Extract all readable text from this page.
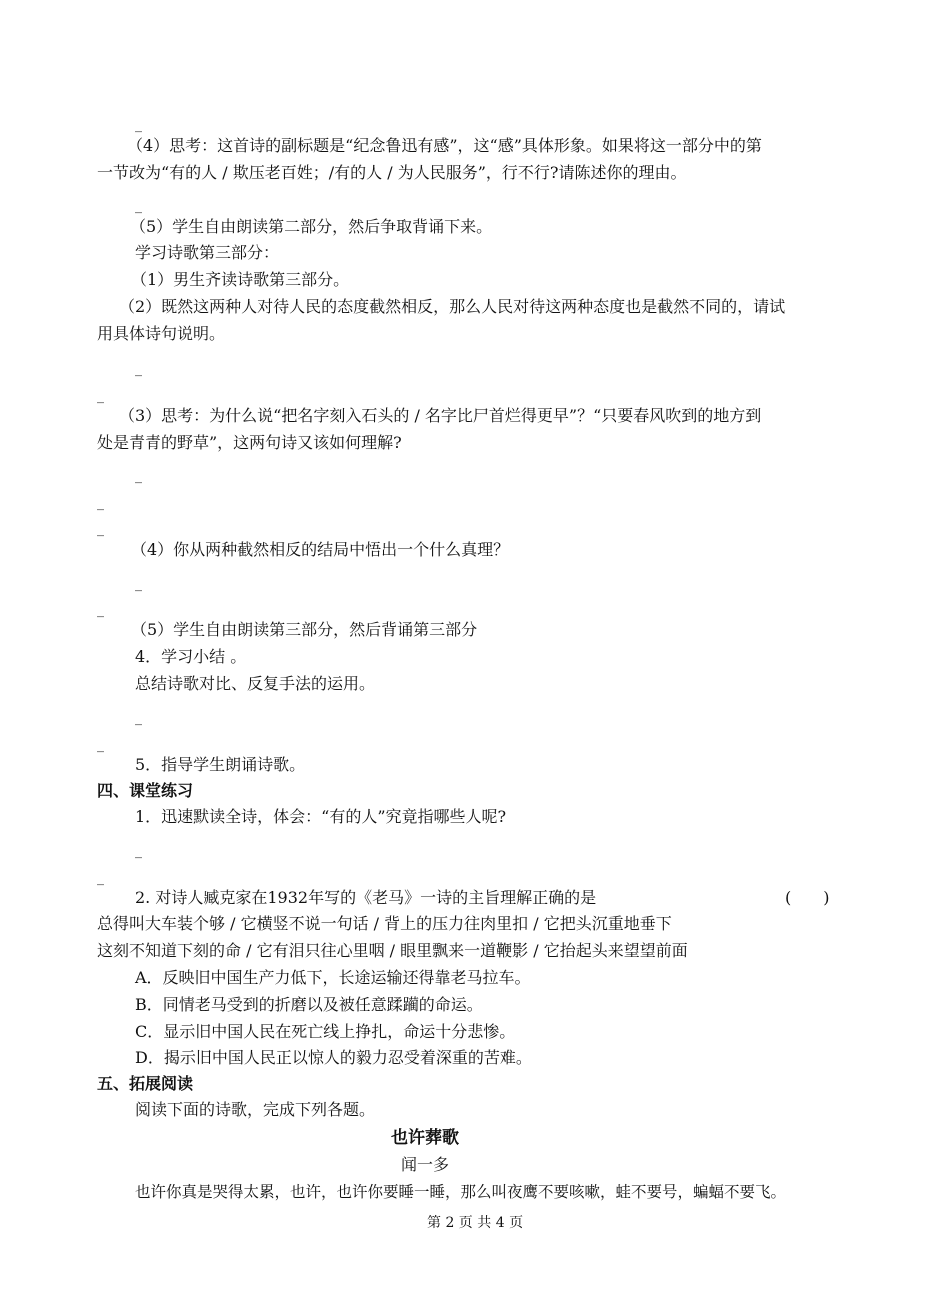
_
_
_
_
_
_
_
_
_
_
_
_
_
（4）思考：这首诗的副标题是“纪念鲁迅有感”，这“感”具体形象。如果将这一部分中的第
一节改为“有的人 / 欺压老百姓；/有的人 / 为人民服务”，行不行?请陈述你的理由。
（5）学生自由朗读第二部分，然后争取背诵下来。
学习诗歌第三部分：
（1）男生齐读诗歌第三部分。
（2）既然这两种人对待人民的态度截然相反，那么人民对待这两种态度也是截然不同的，请试
用具体诗句说明。
（3）思考：为什么说“把名字刻入石头的 / 名字比尸首烂得更早”？“只要春风吹到的地方到
处是青青的野草”，这两句诗又该如何理解?
（4）你从两种截然相反的结局中悟出一个什么真理？
（5）学生自由朗读第三部分，然后背诵第三部分
4．学习小结 。
总结诗歌对比、反复手法的运用。
5．指导学生朗诵诗歌。
四、课堂练习
1．迅速默读全诗，体会：“有的人”究竟指哪些人呢?
2. 对诗人臧克家在1932年写的《老马》一诗的主旨理解正确的是	(　　)
总得叫大车装个够 / 它横竖不说一句话 / 背上的压力往肉里扣 / 它把头沉重地垂下
这刻不知道下刻的命 / 它有泪只往心里咽 / 眼里飘来一道鞭影 / 它抬起头来望望前面
A．反映旧中国生产力低下，长途运输还得靠老马拉车。
B．同情老马受到的折磨以及被任意蹂躏的命运。
C．显示旧中国人民在死亡线上挣扎，命运十分悲惨。
D．揭示旧中国人民正以惊人的毅力忍受着深重的苦难。
五、拓展阅读
阅读下面的诗歌，完成下列各题。
也许葬歌
闻一多
也许你真是哭得太累，也许，也许你要睡一睡，那么叫夜鹰不要咳嗽，蛙不要号，蝙蝠不要飞。
第 2 页 共 4 页
